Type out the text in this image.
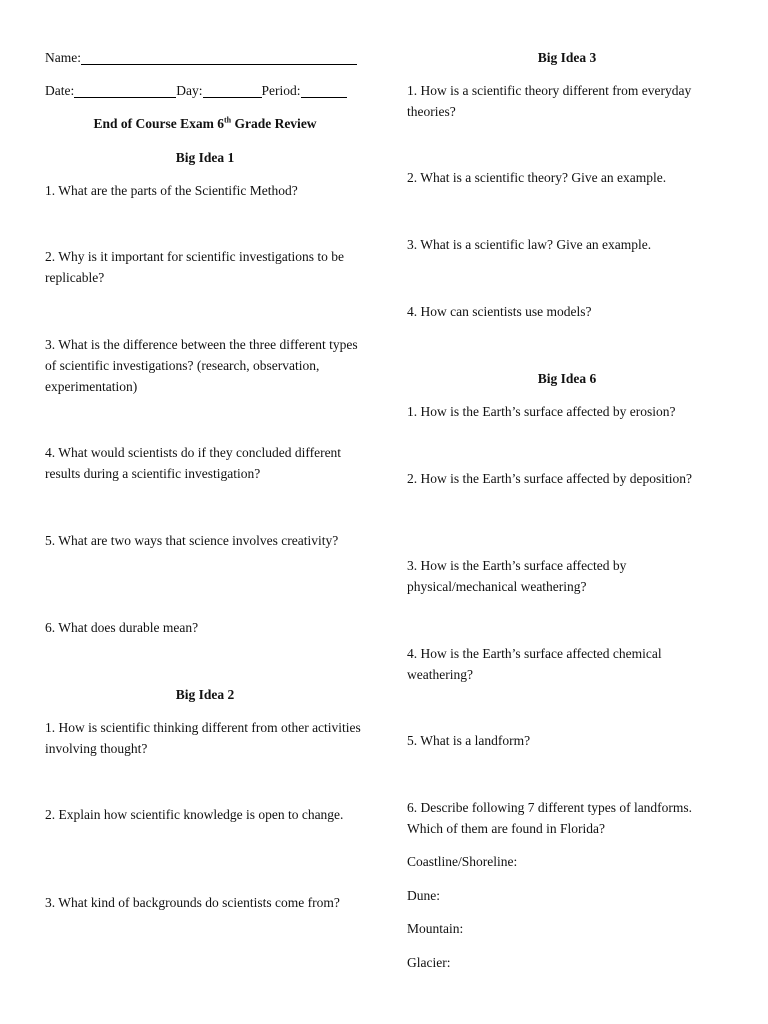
Name:
Date:	Day:	Period:
End of Course Exam 6th Grade Review
Big Idea 1
1. What are the parts of the Scientific Method?
2. Why is it important for scientific investigations to be replicable?
3. What is the difference between the three different types of scientific investigations? (research, observation, experimentation)
4. What would scientists do if they concluded different results during a scientific investigation?
5. What are two ways that science involves creativity?
6. What does durable mean?
Big Idea 2
1. How is scientific thinking different from other activities involving thought?
2. Explain how scientific knowledge is open to change.
3. What kind of backgrounds do scientists come from?
Big Idea 3
1. How is a scientific theory different from everyday theories?
2. What is a scientific theory? Give an example.
3. What is a scientific law? Give an example.
4. How can scientists use models?
Big Idea 6
1. How is the Earth’s surface affected by erosion?
2. How is the Earth’s surface affected by deposition?
3. How is the Earth’s surface affected by physical/mechanical weathering?
4. How is the Earth’s surface affected chemical weathering?
5. What is a landform?
6. Describe following 7 different types of landforms. Which of them are found in Florida?
Coastline/Shoreline:
Dune:
Mountain:
Glacier:
